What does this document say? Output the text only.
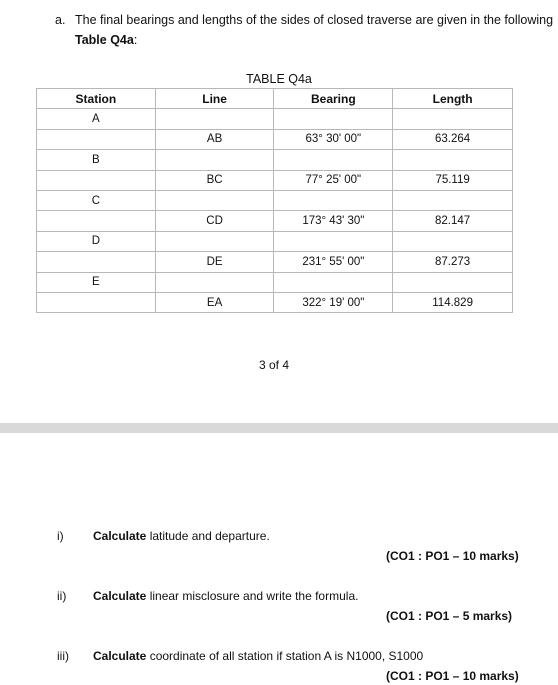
a. The final bearings and lengths of the sides of closed traverse are given in the following
Table Q4a:
TABLE Q4a
Station	Line	Bearing	Length
A			
	AB	63° 30' 00"	63.264
B			
	BC	77° 25' 00"	75.119
C			
	CD	173° 43' 30"	82.147
D			
	DE	231° 55' 00"	87.273
E			
	EA	322° 19' 00"	114.829
3 of 4
i) Calculate latitude and departure.
(CO1 : PO1 – 10 marks)
ii) Calculate linear misclosure and write the formula.
(CO1 : PO1 – 5 marks)
iii) Calculate coordinate of all station if station A is N1000, S1000
(CO1 : PO1 – 10 marks)
